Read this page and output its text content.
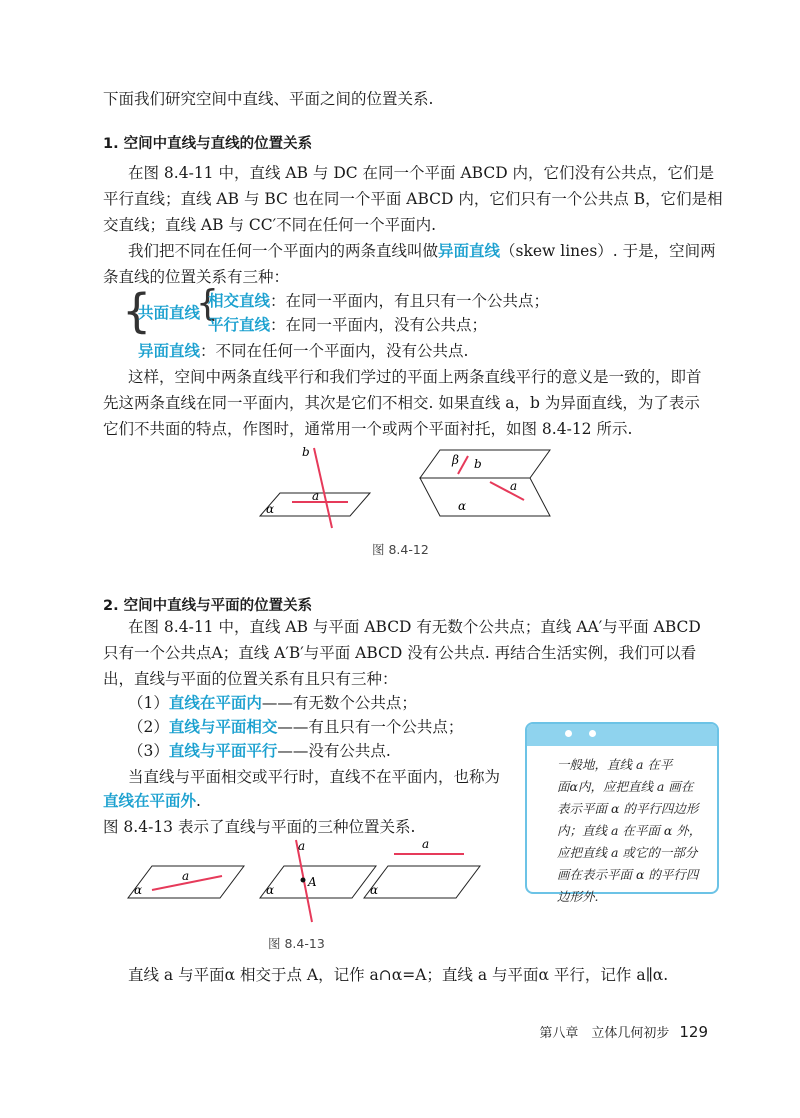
下面我们研究空间中直线、平面之间的位置关系.
1. 空间中直线与直线的位置关系
在图 8.4-11 中，直线 AB 与 DC 在同一个平面 ABCD 内，它们没有公共点，它们是
平行直线；直线 AB 与 BC 也在同一个平面 ABCD 内，它们只有一个公共点 B，它们是相
交直线；直线 AB 与 CC′不同在任何一个平面内.
我们把不同在任何一个平面内的两条直线叫做异面直线（skew lines）. 于是，空间两
条直线的位置关系有三种：
{
共面直线
{
相交直线：在同一平面内，有且只有一个公共点；
平行直线：在同一平面内，没有公共点；
异面直线：不同在任何一个平面内，没有公共点.
这样，空间中两条直线平行和我们学过的平面上两条直线平行的意义是一致的，即首
先这两条直线在同一平面内，其次是它们不相交. 如果直线 a，b 为异面直线，为了表示
它们不共面的特点，作图时，通常用一个或两个平面衬托，如图 8.4-12 所示.
b
a
α
β b
a
α
图 8.4-12
2. 空间中直线与平面的位置关系
在图 8.4-11 中，直线 AB 与平面 ABCD 有无数个公共点；直线 AA′与平面 ABCD
只有一个公共点A；直线 A′B′与平面 ABCD 没有公共点. 再结合生活实例，我们可以看
出，直线与平面的位置关系有且只有三种：
（1）直线在平面内——有无数个公共点；
（2）直线与平面相交——有且只有一个公共点；
（3）直线与平面平行——没有公共点.
当直线与平面相交或平行时，直线不在平面内，也称为
直线在平面外.
图 8.4-13 表示了直线与平面的三种位置关系.
一般地，直线 a 在平
面α内，应把直线 a 画在
表示平面 α 的平行四边形
内；直线 a 在平面 α 外，
应把直线 a 或它的一部分
画在表示平面 α 的平行四
边形外.
a
α
a
A
α
a
α
图 8.4-13
直线 a 与平面α 相交于点 A，记作 a∩α=A；直线 a 与平面α 平行，记作 a∥α.
第八章　立体几何初步 129
